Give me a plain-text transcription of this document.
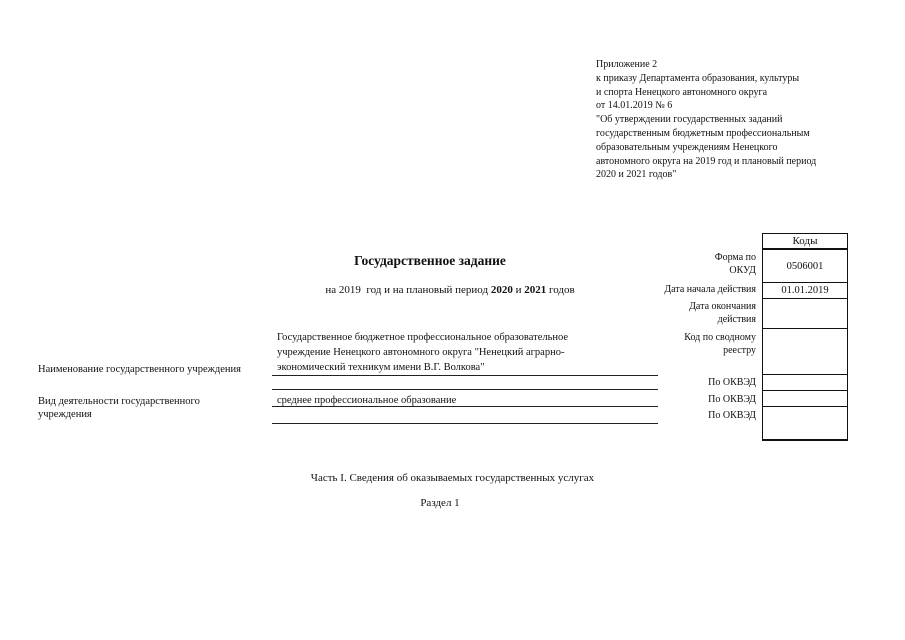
Приложение 2
к приказу Департамента образования, культуры
и спорта Ненецкого автономного округа
от 14.01.2019 № 6
"Об утверждении государственных заданий
государственным бюджетным профессиональным
образовательным учреждениям Ненецкого
автономного округа на 2019 год и плановый период
2020 и 2021 годов"
Государственное задание
на 2019  год и на плановый период 2020 и 2021 годов
Форма по
ОКУД
Дата начала действия
Дата окончания
действия
Код по сводному
реестру
По ОКВЭД
По ОКВЭД
По ОКВЭД
Коды
0506001
01.01.2019
Государственное бюджетное профессиональное образовательное
учреждение Ненецкого автономного округа "Ненецкий аграрно-
экономический техникум имени В.Г. Волкова"
Наименование государственного учреждения
Вид деятельности государственного
учреждения
среднее профессиональное образование
Часть I. Сведения об оказываемых государственных услугах
Раздел 1
